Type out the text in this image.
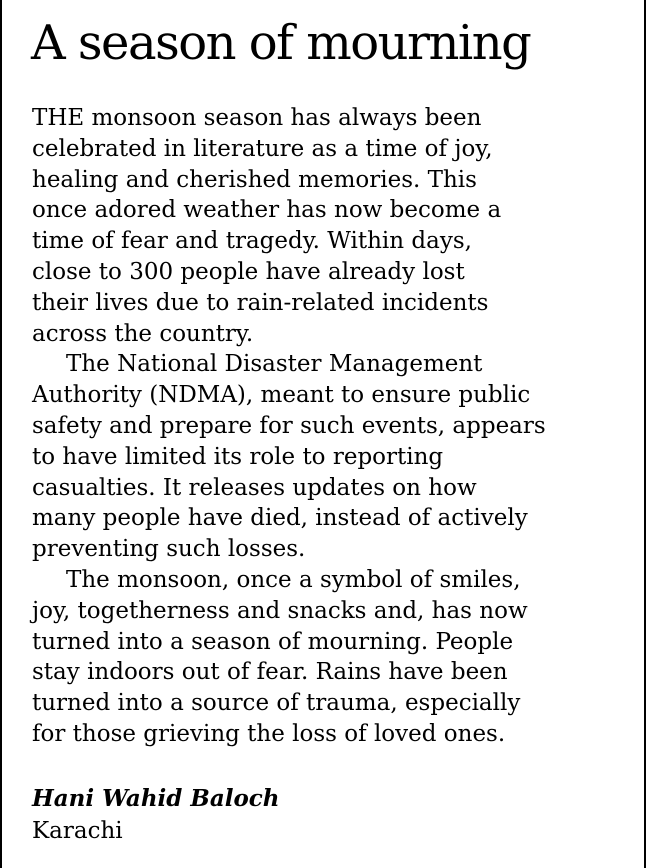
A season of mourning
THE monsoon season has always been
celebrated in literature as a time of joy,
healing and cherished memories. This
once adored weather has now become a
time of fear and tragedy. Within days,
close to 300 people have already lost
their lives due to rain-related incidents
across the country.
The National Disaster Management
Authority (NDMA), meant to ensure public
safety and prepare for such events, appears
to have limited its role to reporting
casualties. It releases updates on how
many people have died, instead of actively
preventing such losses.
The monsoon, once a symbol of smiles,
joy, togetherness and snacks and, has now
turned into a season of mourning. People
stay indoors out of fear. Rains have been
turned into a source of trauma, especially
for those grieving the loss of loved ones.
Hani Wahid Baloch
Karachi
